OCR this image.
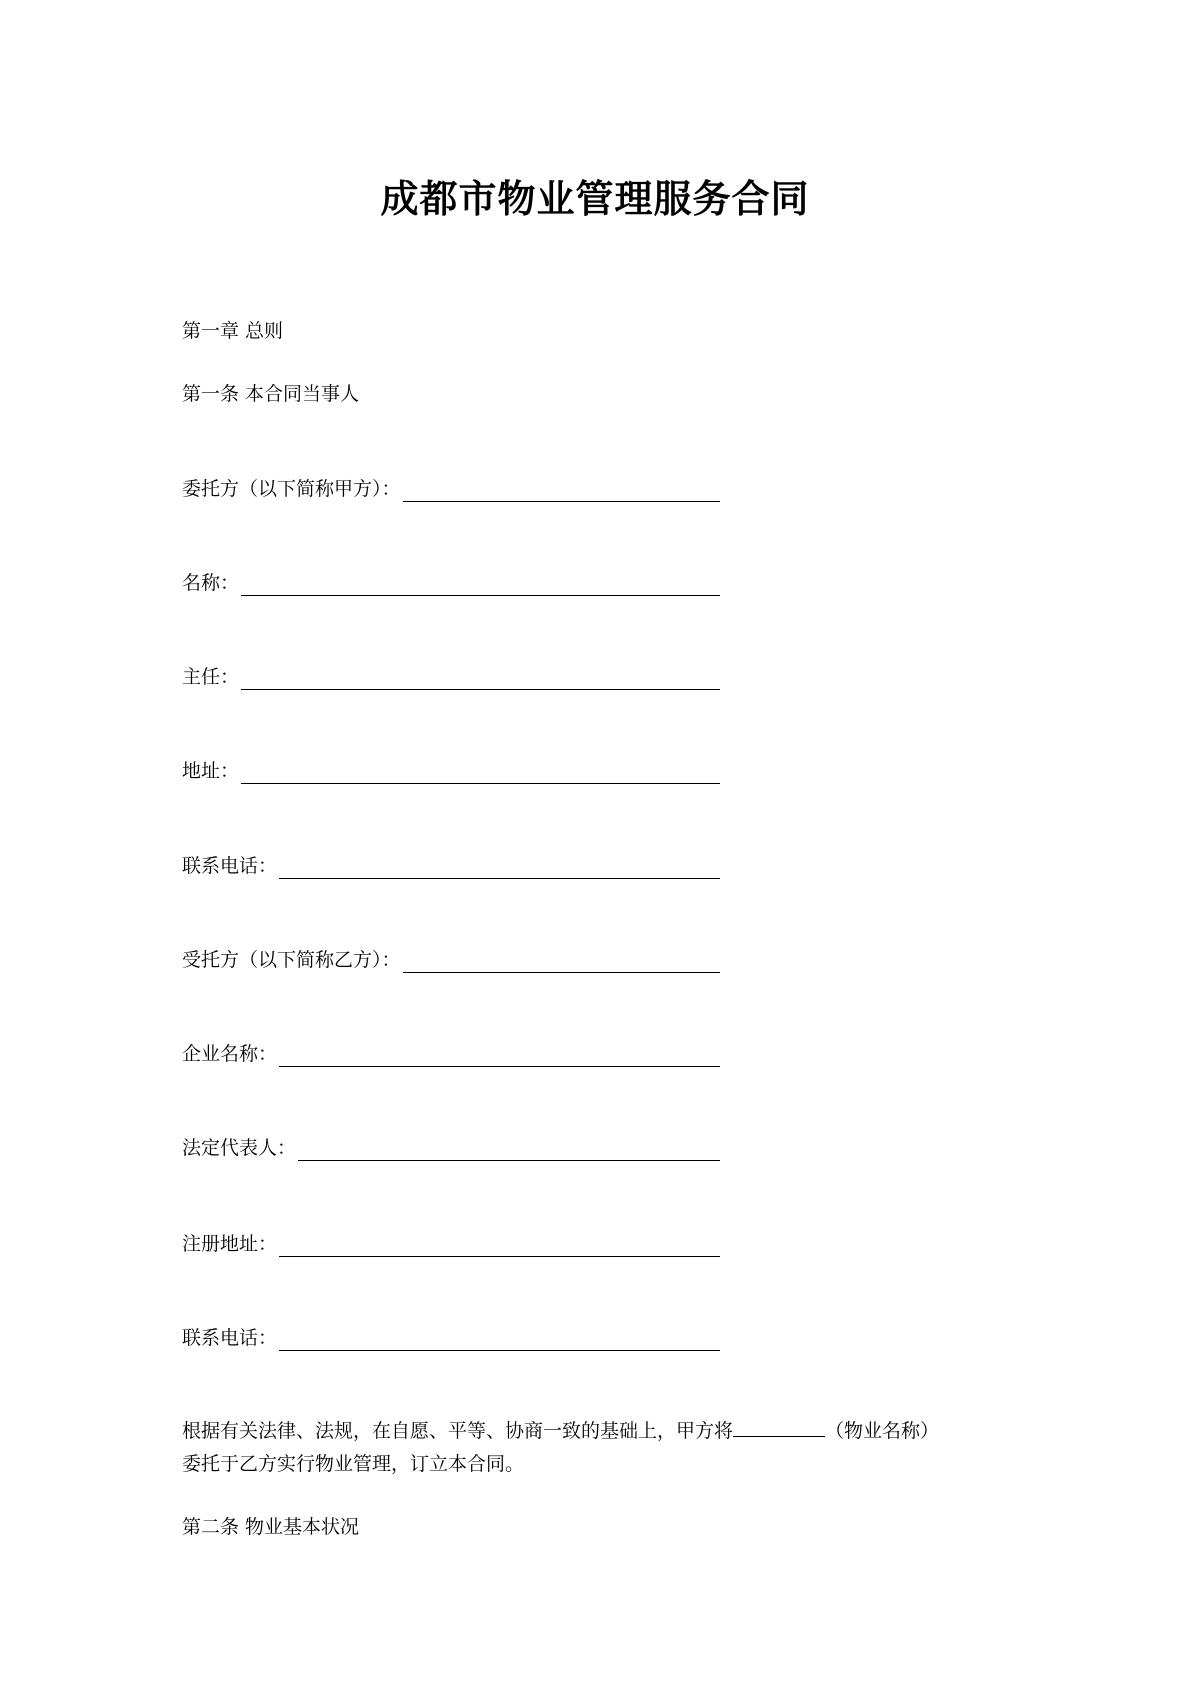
成都市物业管理服务合同
第一章 总则
第一条 本合同当事人
委托方（以下简称甲方）：
名称：
主任：
地址：
联系电话：
受托方（以下简称乙方）：
企业名称：
法定代表人：
注册地址：
联系电话：
根据有关法律、法规，在自愿、平等、协商一致的基础上，甲方将	（物业名称）
委托于乙方实行物业管理，订立本合同。
第二条 物业基本状况
